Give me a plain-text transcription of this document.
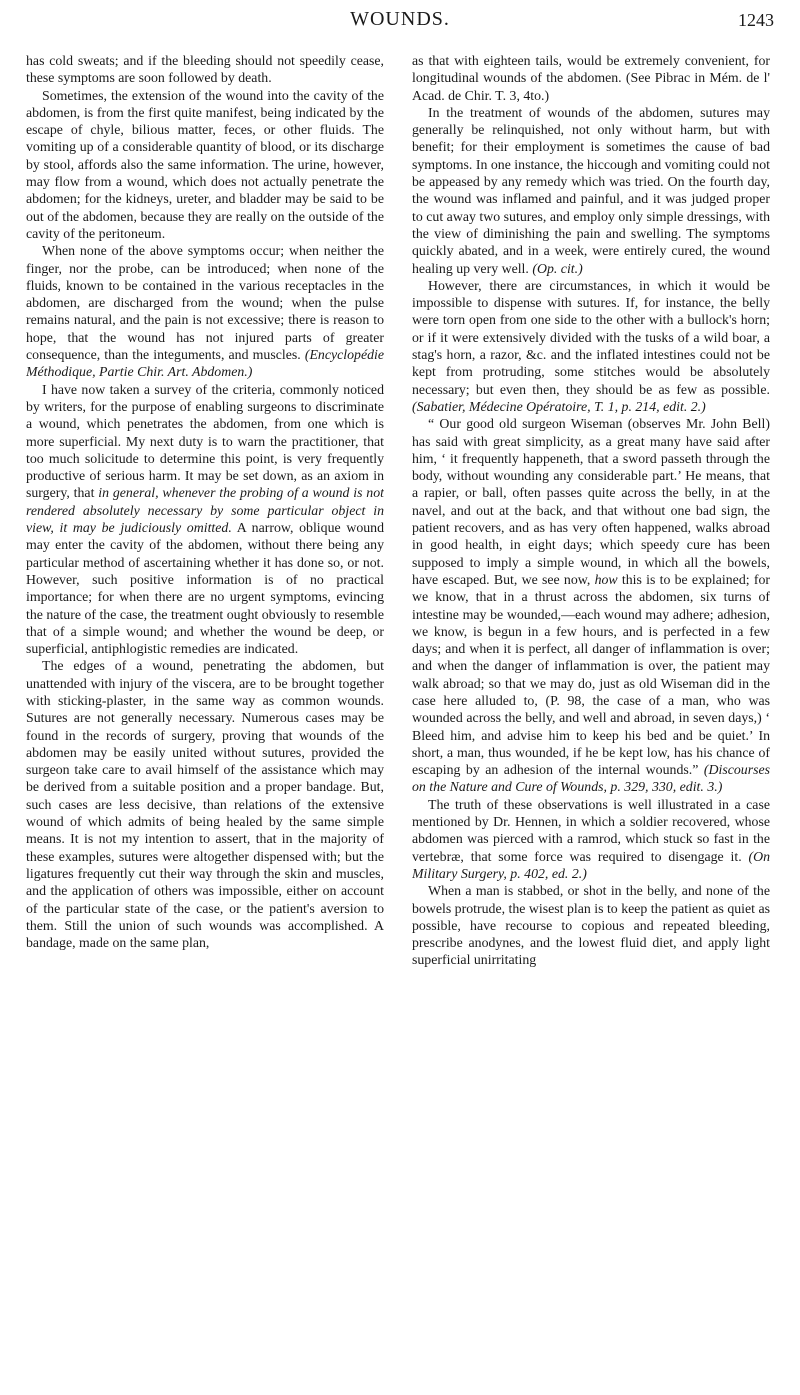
WOUNDS.	1243

has cold sweats; and if the bleeding should not speedily cease, these symptoms are soon followed by death.

Sometimes, the extension of the wound into the cavity of the abdomen, is from the first quite manifest, being indicated by the escape of chyle, bilious matter, feces, or other fluids. The vomiting up of a considerable quantity of blood, or its discharge by stool, affords also the same information. The urine, however, may flow from a wound, which does not actually penetrate the abdomen; for the kidneys, ureter, and bladder may be said to be out of the abdomen, because they are really on the outside of the cavity of the peritoneum.

When none of the above symptoms occur; when neither the finger, nor the probe, can be introduced; when none of the fluids, known to be contained in the various receptacles in the abdomen, are discharged from the wound; when the pulse remains natural, and the pain is not excessive; there is reason to hope, that the wound has not injured parts of greater consequence, than the integuments, and muscles. (Encyclopédie Méthodique, Partie Chir. Art. Abdomen.)

I have now taken a survey of the criteria, commonly noticed by writers, for the purpose of enabling surgeons to discriminate a wound, which penetrates the abdomen, from one which is more superficial. My next duty is to warn the practitioner, that too much solicitude to determine this point, is very frequently productive of serious harm. It may be set down, as an axiom in surgery, that in general, whenever the probing of a wound is not rendered absolutely necessary by some particular object in view, it may be judiciously omitted. A narrow, oblique wound may enter the cavity of the abdomen, without there being any particular method of ascertaining whether it has done so, or not. However, such positive information is of no practical importance; for when there are no urgent symptoms, evincing the nature of the case, the treatment ought obviously to resemble that of a simple wound; and whether the wound be deep, or superficial, antiphlogistic remedies are indicated.

The edges of a wound, penetrating the abdomen, but unattended with injury of the viscera, are to be brought together with sticking-plaster, in the same way as common wounds. Sutures are not generally necessary. Numerous cases may be found in the records of surgery, proving that wounds of the abdomen may be easily united without sutures, provided the surgeon take care to avail himself of the assistance which may be derived from a suitable position and a proper bandage. But, such cases are less decisive, than relations of the extensive wound of which admits of being healed by the same simple means. It is not my intention to assert, that in the majority of these examples, sutures were altogether dispensed with; but the ligatures frequently cut their way through the skin and muscles, and the application of others was impossible, either on account of the particular state of the case, or the patient's aversion to them. Still the union of such wounds was accomplished. A bandage, made on the same plan,

as that with eighteen tails, would be extremely convenient, for longitudinal wounds of the abdomen. (See Pibrac in Mém. de l' Acad. de Chir. T. 3, 4to.)

In the treatment of wounds of the abdomen, sutures may generally be relinquished, not only without harm, but with benefit; for their employment is sometimes the cause of bad symptoms. In one instance, the hiccough and vomiting could not be appeased by any remedy which was tried. On the fourth day, the wound was inflamed and painful, and it was judged proper to cut away two sutures, and employ only simple dressings, with the view of diminishing the pain and swelling. The symptoms quickly abated, and in a week, were entirely cured, the wound healing up very well. (Op. cit.)

However, there are circumstances, in which it would be impossible to dispense with sutures. If, for instance, the belly were torn open from one side to the other with a bullock's horn; or if it were extensively divided with the tusks of a wild boar, a stag's horn, a razor, &c. and the inflated intestines could not be kept from protruding, some stitches would be absolutely necessary; but even then, they should be as few as possible. (Sabatier, Médecine Opératoire, T. 1, p. 214, edit. 2.)

“ Our good old surgeon Wiseman (observes Mr. John Bell) has said with great simplicity, as a great many have said after him, ‘ it frequently happeneth, that a sword passeth through the body, without wounding any considerable part.’ He means, that a rapier, or ball, often passes quite across the belly, in at the navel, and out at the back, and that without one bad sign, the patient recovers, and as has very often happened, walks abroad in good health, in eight days; which speedy cure has been supposed to imply a simple wound, in which all the bowels, have escaped. But, we see now, how this is to be explained; for we know, that in a thrust across the abdomen, six turns of intestine may be wounded,—each wound may adhere; adhesion, we know, is begun in a few hours, and is perfected in a few days; and when it is perfect, all danger of inflammation is over; and when the danger of inflammation is over, the patient may walk abroad; so that we may do, just as old Wiseman did in the case here alluded to, (P. 98, the case of a man, who was wounded across the belly, and well and abroad, in seven days,) ‘ Bleed him, and advise him to keep his bed and be quiet.’ In short, a man, thus wounded, if he be kept low, has his chance of escaping by an adhesion of the internal wounds.” (Discourses on the Nature and Cure of Wounds, p. 329, 330, edit. 3.)

The truth of these observations is well illustrated in a case mentioned by Dr. Hennen, in which a soldier recovered, whose abdomen was pierced with a ramrod, which stuck so fast in the vertebræ, that some force was required to disengage it. (On Military Surgery, p. 402, ed. 2.)

When a man is stabbed, or shot in the belly, and none of the bowels protrude, the wisest plan is to keep the patient as quiet as possible, have recourse to copious and repeated bleeding, prescribe anodynes, and the lowest fluid diet, and apply light superficial unirritating
